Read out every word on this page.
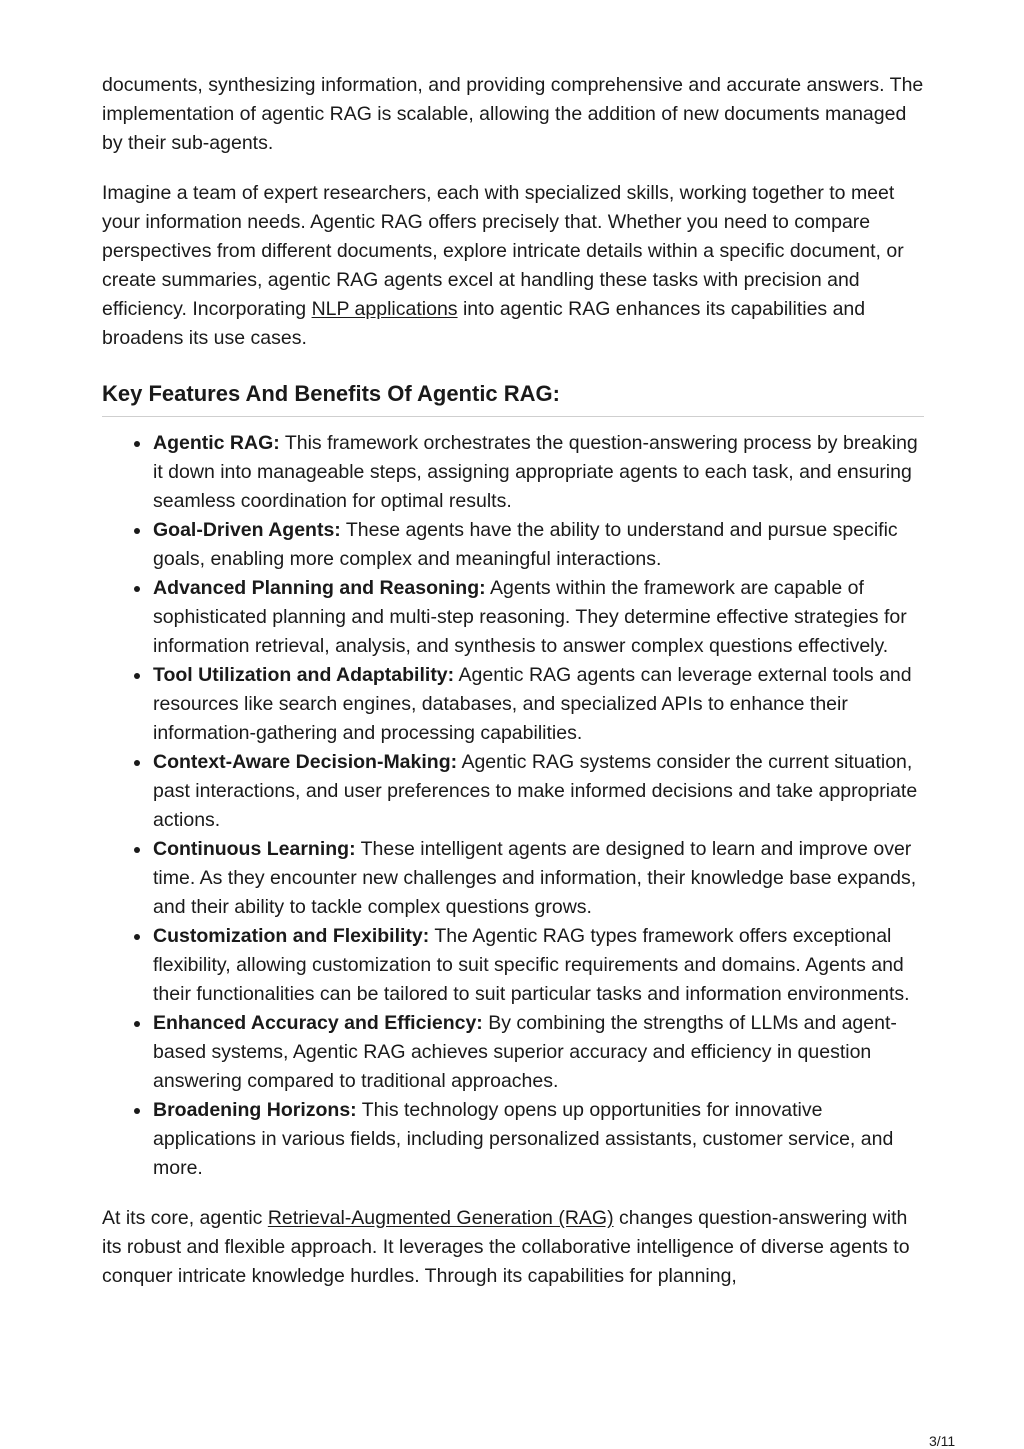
documents, synthesizing information, and providing comprehensive and accurate answers. The implementation of agentic RAG is scalable, allowing the addition of new documents managed by their sub-agents.

Imagine a team of expert researchers, each with specialized skills, working together to meet your information needs. Agentic RAG offers precisely that. Whether you need to compare perspectives from different documents, explore intricate details within a specific document, or create summaries, agentic RAG agents excel at handling these tasks with precision and efficiency. Incorporating NLP applications into agentic RAG enhances its capabilities and broadens its use cases.

Key Features And Benefits Of Agentic RAG:
Agentic RAG: This framework orchestrates the question-answering process by breaking it down into manageable steps, assigning appropriate agents to each task, and ensuring seamless coordination for optimal results.
Goal-Driven Agents: These agents have the ability to understand and pursue specific goals, enabling more complex and meaningful interactions.
Advanced Planning and Reasoning: Agents within the framework are capable of sophisticated planning and multi-step reasoning. They determine effective strategies for information retrieval, analysis, and synthesis to answer complex questions effectively.
Tool Utilization and Adaptability: Agentic RAG agents can leverage external tools and resources like search engines, databases, and specialized APIs to enhance their information-gathering and processing capabilities.
Context-Aware Decision-Making: Agentic RAG systems consider the current situation, past interactions, and user preferences to make informed decisions and take appropriate actions.
Continuous Learning: These intelligent agents are designed to learn and improve over time. As they encounter new challenges and information, their knowledge base expands, and their ability to tackle complex questions grows.
Customization and Flexibility: The Agentic RAG types framework offers exceptional flexibility, allowing customization to suit specific requirements and domains. Agents and their functionalities can be tailored to suit particular tasks and information environments.
Enhanced Accuracy and Efficiency: By combining the strengths of LLMs and agent-based systems, Agentic RAG achieves superior accuracy and efficiency in question answering compared to traditional approaches.
Broadening Horizons: This technology opens up opportunities for innovative applications in various fields, including personalized assistants, customer service, and more.

At its core, agentic Retrieval-Augmented Generation (RAG) changes question-answering with its robust and flexible approach. It leverages the collaborative intelligence of diverse agents to conquer intricate knowledge hurdles. Through its capabilities for planning,

3/11
